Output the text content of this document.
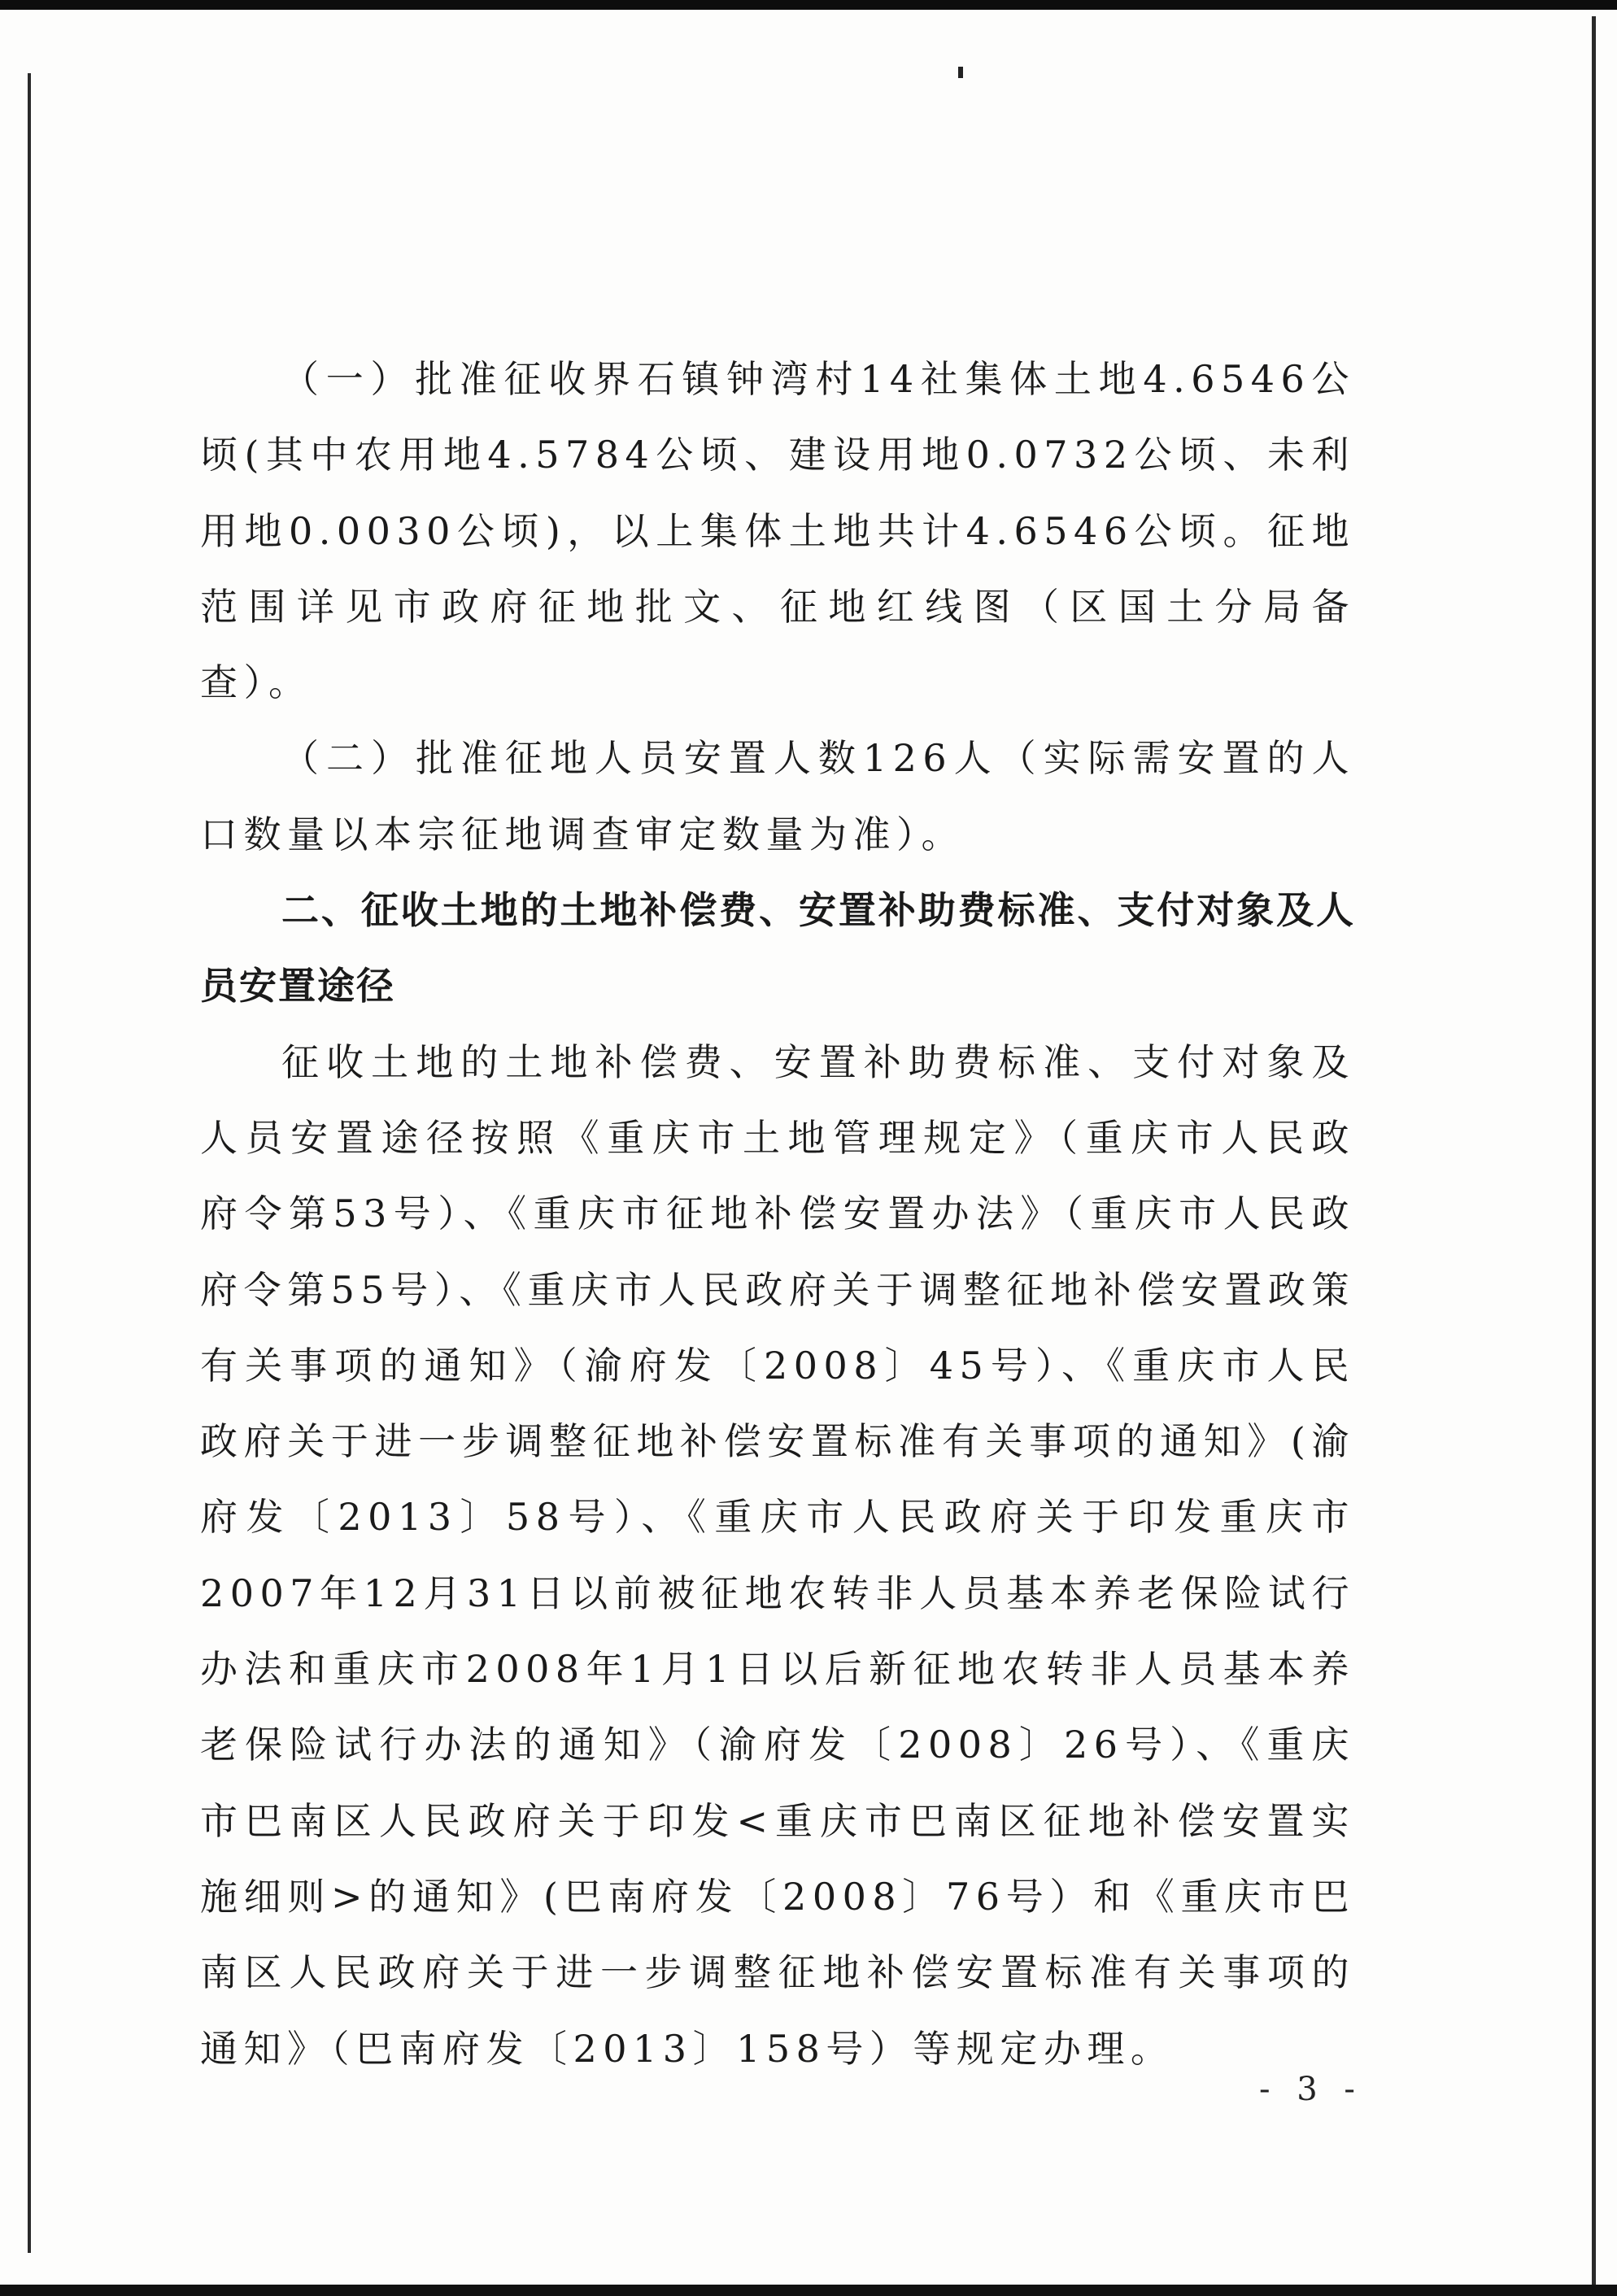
（一）批准征收界石镇钟湾村14社集体土地4.6546公顷(其中农用地4.5784公顷、建设用地0.0732公顷、未利用地0.0030公顷)，以上集体土地共计4.6546公顷。征地范围详见市政府征地批文、征地红线图（区国土分局备查）。

（二）批准征地人员安置人数126人（实际需安置的人口数量以本宗征地调查审定数量为准）。

二、征收土地的土地补偿费、安置补助费标准、支付对象及人员安置途径

征收土地的土地补偿费、安置补助费标准、支付对象及人员安置途径按照《重庆市土地管理规定》（重庆市人民政府令第53号）、《重庆市征地补偿安置办法》（重庆市人民政府令第55号）、《重庆市人民政府关于调整征地补偿安置政策有关事项的通知》（渝府发〔2008〕45号）、《重庆市人民政府关于进一步调整征地补偿安置标准有关事项的通知》(渝府发〔2013〕58号）、《重庆市人民政府关于印发重庆市2007年12月31日以前被征地农转非人员基本养老保险试行办法和重庆市2008年1月1日以后新征地农转非人员基本养老保险试行办法的通知》（渝府发〔2008〕26号）、《重庆市巴南区人民政府关于印发<重庆市巴南区征地补偿安置实施细则>的通知》(巴南府发〔2008〕76号）和《重庆市巴南区人民政府关于进一步调整征地补偿安置标准有关事项的通知》（巴南府发〔2013〕158号）等规定办理。

- 3 -
